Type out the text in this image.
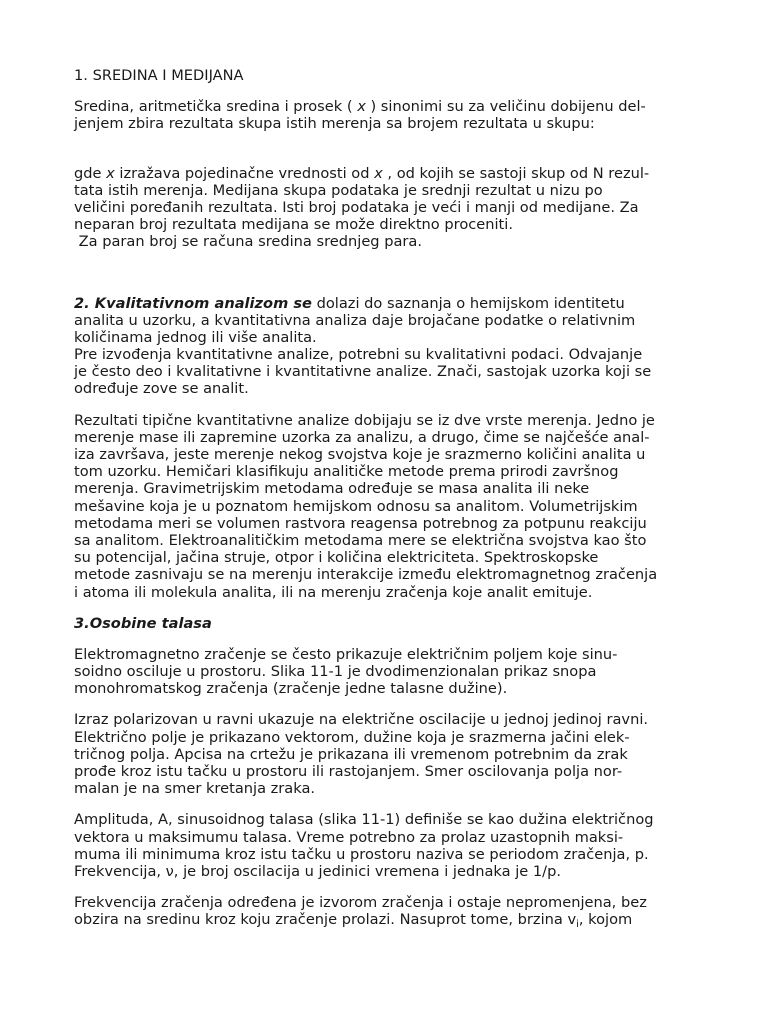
1. SREDINA I MEDIJANA
Sredina, aritmetička sredina i prosek ( x ) sinonimi su za veličinu dobijenu del-
jenjem zbira rezultata skupa istih merenja sa brojem rezultata u skupu:
gde x izražava pojedinačne vrednosti od x , od kojih se sastoji skup od N rezul-
tata istih merenja. Medijana skupa podataka je srednji rezultat u nizu po
veličini poređanih rezultata. Isti broj podataka je veći i manji od medijane. Za
neparan broj rezultata medijana se može direktno proceniti.
Za paran broj se računa sredina srednjeg para.
2. Kvalitativnom analizom se dolazi do saznanja o hemijskom identitetu
analita u uzorku, a kvantitativna analiza daje brojačane podatke o relativnim
količinama jednog ili više analita.
Pre izvođenja kvantitativne analize, potrebni su kvalitativni podaci. Odvajanje
je često deo i kvalitativne i kvantitativne analize. Znači, sastojak uzorka koji se
određuje zove se analit.
Rezultati tipične kvantitativne analize dobijaju se iz dve vrste merenja. Jedno je
merenje mase ili zapremine uzorka za analizu, a drugo, čime se najčešće anal-
iza završava, jeste merenje nekog svojstva koje je srazmerno količini analita u
tom uzorku. Hemičari klasifikuju analitičke metode prema prirodi završnog
merenja. Gravimetrijskim metodama određuje se masa analita ili neke
mešavine koja je u poznatom hemijskom odnosu sa analitom. Volumetrijskim
metodama meri se volumen rastvora reagensa potrebnog za potpunu reakciju
sa analitom. Elektroanalitičkim metodama mere se električna svojstva kao što
su potencijal, jačina struje, otpor i količina elektriciteta. Spektroskopske
metode zasnivaju se na merenju interakcije između elektromagnetnog zračenja
i atoma ili molekula analita, ili na merenju zračenja koje analit emituje.
3.Osobine talasa
Elektromagnetno zračenje se često prikazuje električnim poljem koje sinu-
soidno osciluje u prostoru. Slika 11-1 je dvodimenzionalan prikaz snopa
monohromatskog zračenja (zračenje jedne talasne dužine).
Izraz polarizovan u ravni ukazuje na električne oscilacije u jednoj jedinoj ravni.
Električno polje je prikazano vektorom, dužine koja je srazmerna jačini elek-
tričnog polja. Apcisa na crtežu je prikazana ili vremenom potrebnim da zrak
prođe kroz istu tačku u prostoru ili rastojanjem. Smer oscilovanja polja nor-
malan je na smer kretanja zraka.
Amplituda, A, sinusoidnog talasa (slika 11-1) definiše se kao dužina električnog
vektora u maksimumu talasa. Vreme potrebno za prolaz uzastopnih maksi-
muma ili minimuma kroz istu tačku u prostoru naziva se periodom zračenja, p.
Frekvencija, ν, je broj oscilacija u jedinici vremena i jednaka je 1/p.
Frekvencija zračenja određena je izvorom zračenja i ostaje nepromenjena, bez
obzira na sredinu kroz koju zračenje prolazi. Nasuprot tome, brzina $v_i$, kojom
